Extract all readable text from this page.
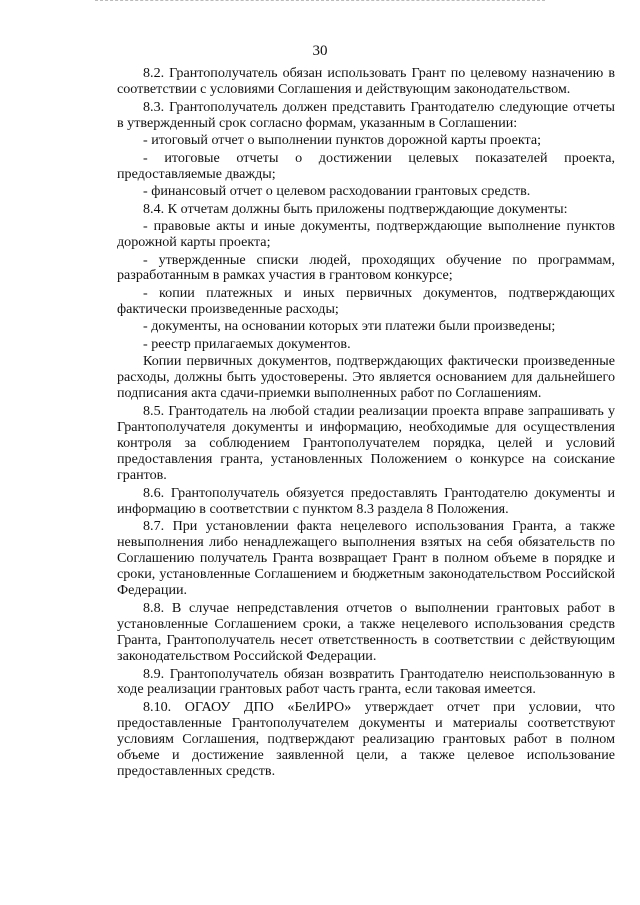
30

8.2. Грантополучатель обязан использовать Грант по целевому назначению в соответствии с условиями Соглашения и действующим законодательством.

8.3. Грантополучатель должен представить Грантодателю следующие отчеты в утвержденный срок согласно формам, указанным в Соглашении:

- итоговый отчет о выполнении пунктов дорожной карты проекта;

- итоговые отчеты о достижении целевых показателей проекта, предоставляемые дважды;

- финансовый отчет о целевом расходовании грантовых средств.

8.4. К отчетам должны быть приложены подтверждающие документы:

- правовые акты и иные документы, подтверждающие выполнение пунктов дорожной карты проекта;

- утвержденные списки людей, проходящих обучение по программам, разработанным в рамках участия в грантовом конкурсе;

- копии платежных и иных первичных документов, подтверждающих фактически произведенные расходы;

- документы, на основании которых эти платежи были произведены;

- реестр прилагаемых документов.

Копии первичных документов, подтверждающих фактически произведенные расходы, должны быть удостоверены. Это является основанием для дальнейшего подписания акта сдачи-приемки выполненных работ по Соглашениям.

8.5. Грантодатель на любой стадии реализации проекта вправе запрашивать у Грантополучателя документы и информацию, необходимые для осуществления контроля за соблюдением Грантополучателем порядка, целей и условий предоставления гранта, установленных Положением о конкурсе на соискание грантов.

8.6. Грантополучатель обязуется предоставлять Грантодателю документы и информацию в соответствии с пунктом 8.3 раздела 8 Положения.

8.7. При установлении факта нецелевого использования Гранта, а также невыполнения либо ненадлежащего выполнения взятых на себя обязательств по Соглашению получатель Гранта возвращает Грант в полном объеме в порядке и сроки, установленные Соглашением и бюджетным законодательством Российской Федерации.

8.8. В случае непредставления отчетов о выполнении грантовых работ в установленные Соглашением сроки, а также нецелевого использования средств Гранта, Грантополучатель несет ответственность в соответствии с действующим законодательством Российской Федерации.

8.9. Грантополучатель обязан возвратить Грантодателю неиспользованную в ходе реализации грантовых работ часть гранта, если таковая имеется.

8.10. ОГАОУ ДПО «БелИРО» утверждает отчет при условии, что предоставленные Грантополучателем документы и материалы соответствуют условиям Соглашения, подтверждают реализацию грантовых работ в полном объеме и достижение заявленной цели, а также целевое использование предоставленных средств.
